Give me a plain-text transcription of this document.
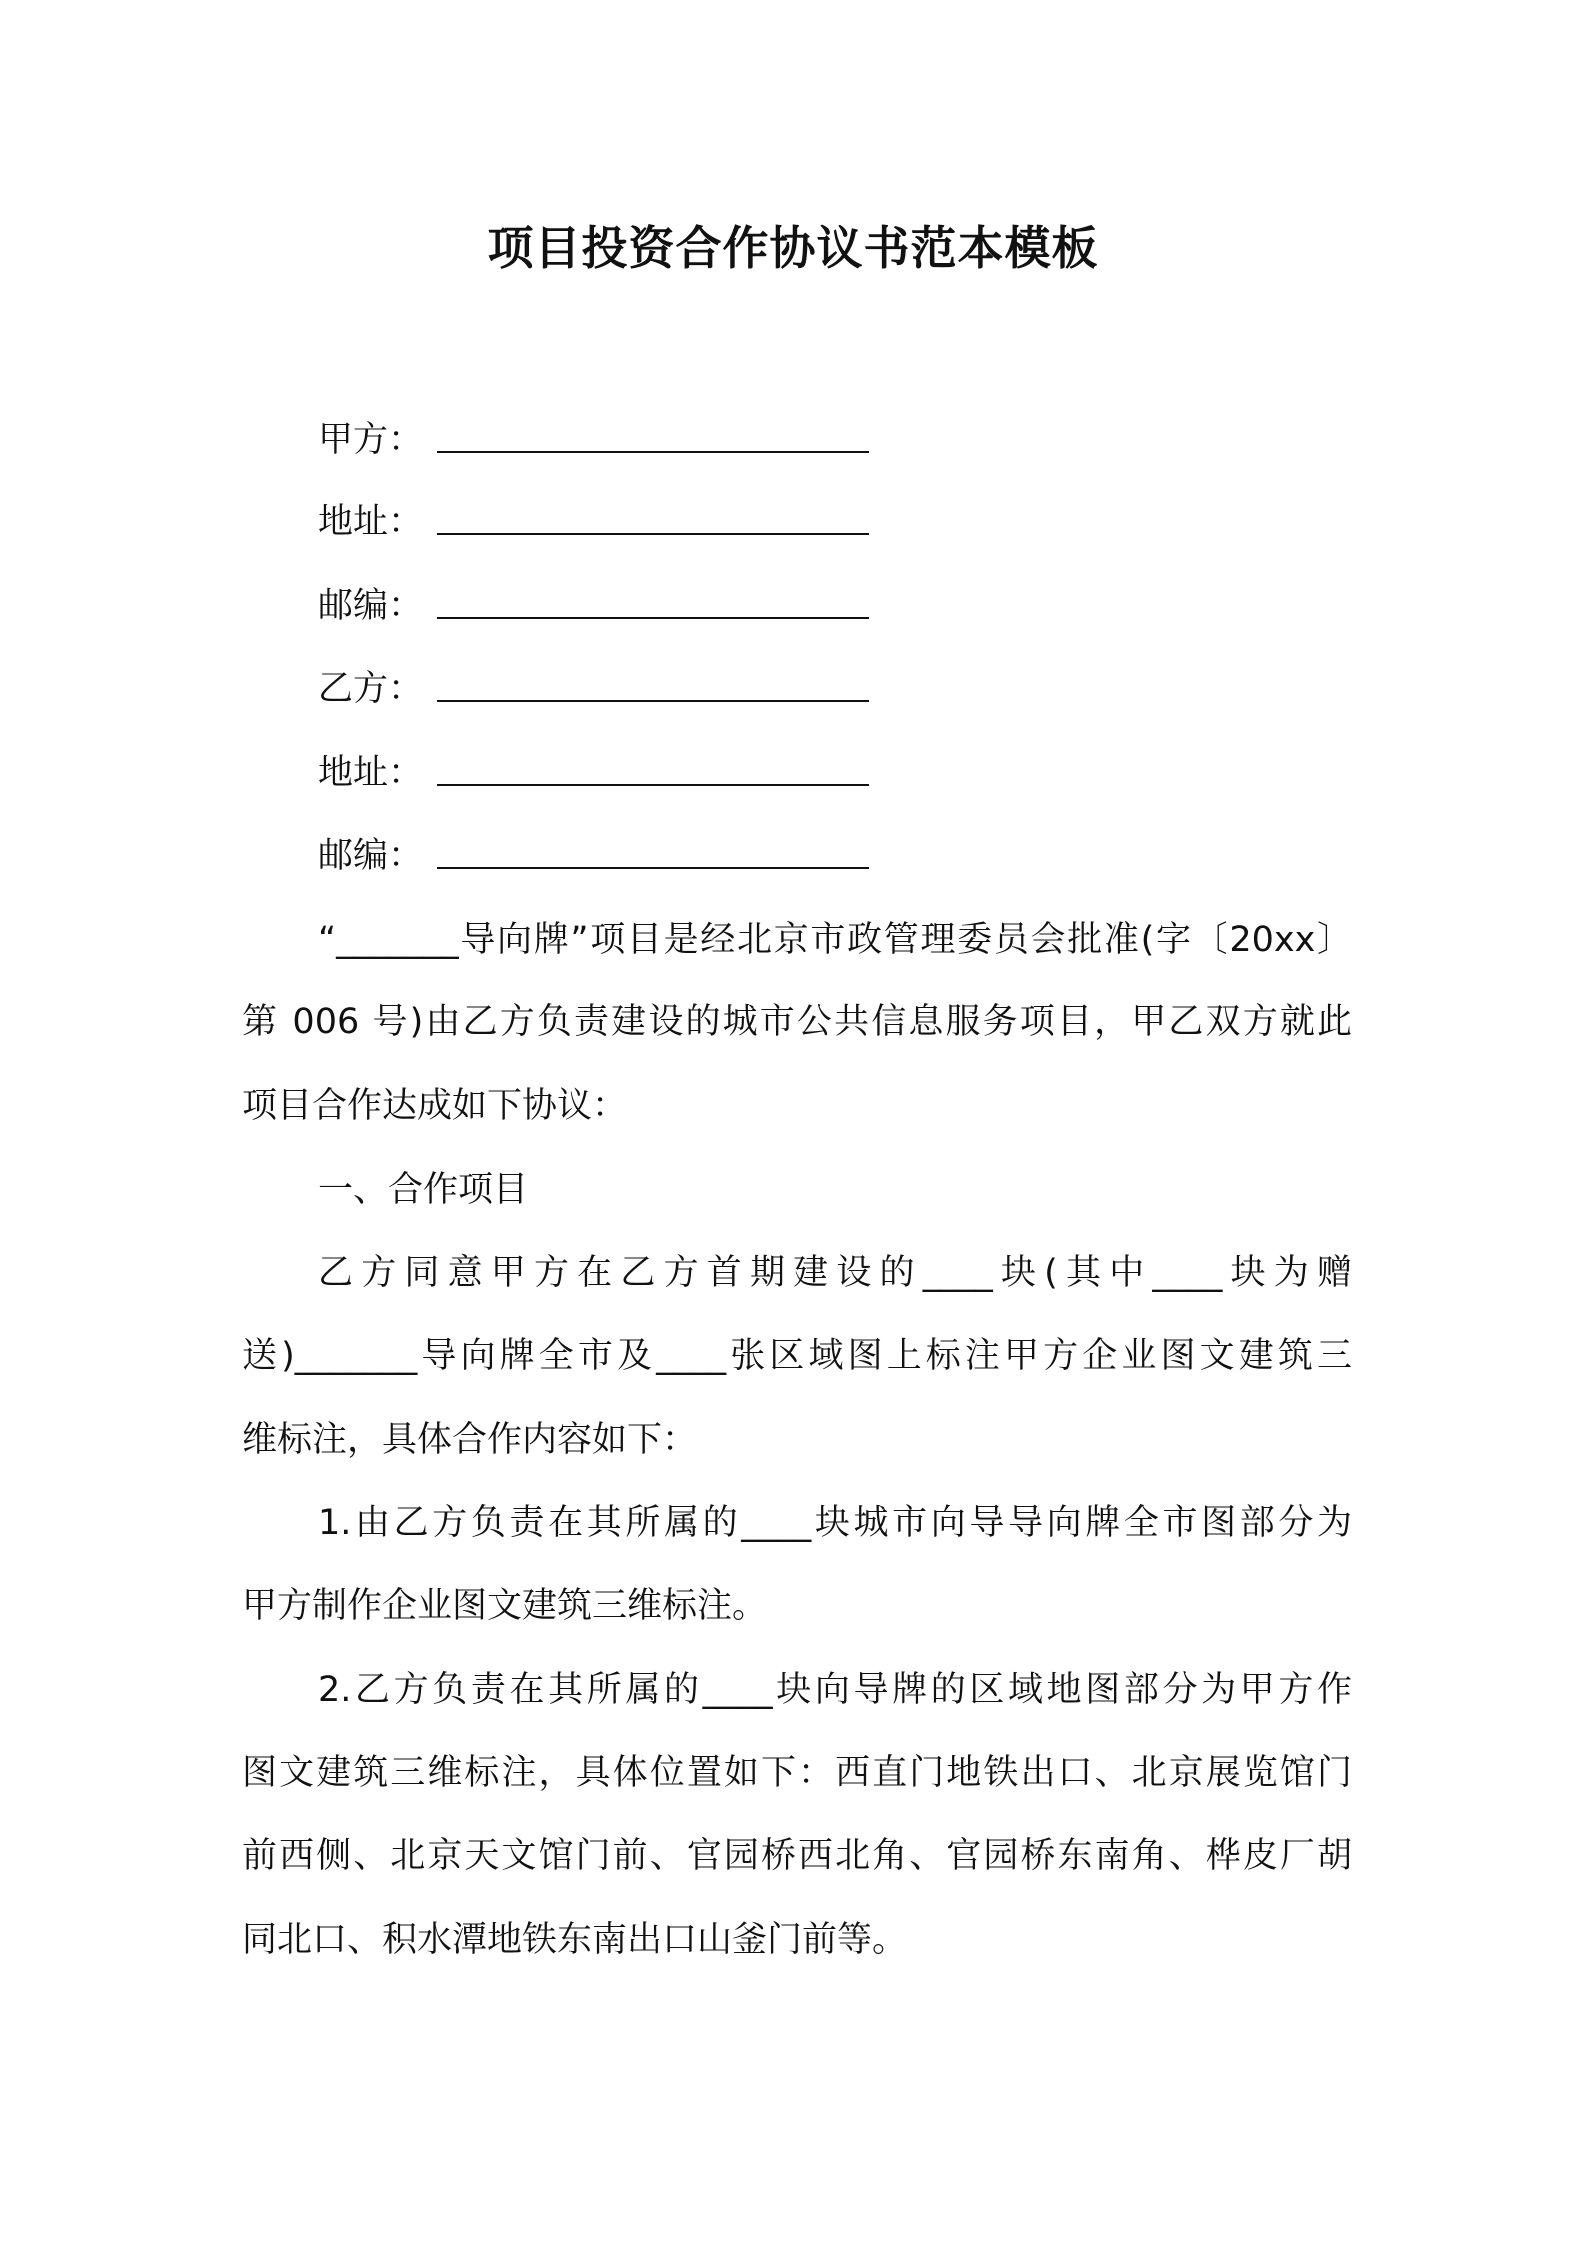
项目投资合作协议书范本模板
甲方：
地址：
邮编：
乙方：
地址：
邮编：
“_______导向牌”项目是经北京市政管理委员会批准(字〔20xx〕
第 006 号)由乙方负责建设的城市公共信息服务项目，甲乙双方就此
项目合作达成如下协议：
一、合作项目
乙方同意甲方在乙方首期建设的____块(其中____块为赠
送)_______导向牌全市及____张区域图上标注甲方企业图文建筑三
维标注，具体合作内容如下：
1.由乙方负责在其所属的____块城市向导导向牌全市图部分为
甲方制作企业图文建筑三维标注。
2.乙方负责在其所属的____块向导牌的区域地图部分为甲方作
图文建筑三维标注，具体位置如下：西直门地铁出口、北京展览馆门
前西侧、北京天文馆门前、官园桥西北角、官园桥东南角、桦皮厂胡
同北口、积水潭地铁东南出口山釜门前等。
